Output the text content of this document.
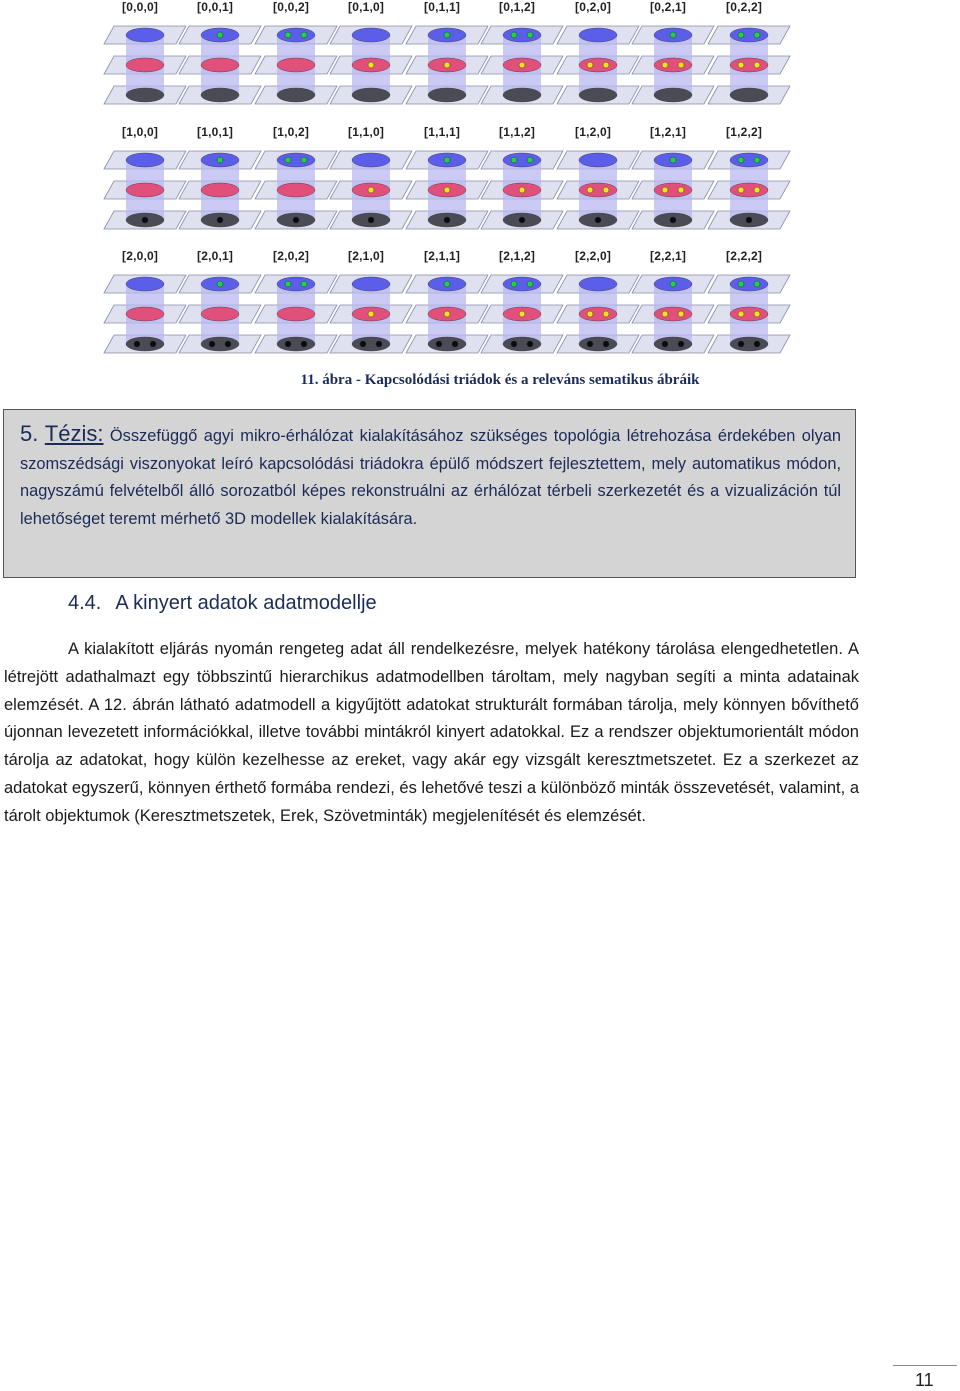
[0,0,0]	[0,0,1]	[0,0,2]	[0,1,0]	[0,1,1]	[0,1,2]	[0,2,0]	[0,2,1]	[0,2,2]
[1,0,0]	[1,0,1]	[1,0,2]	[1,1,0]	[1,1,1]	[1,1,2]	[1,2,0]	[1,2,1]	[1,2,2]
[2,0,0]	[2,0,1]	[2,0,2]	[2,1,0]	[2,1,1]	[2,1,2]	[2,2,0]	[2,2,1]	[2,2,2]
11. ábra - Kapcsolódási triádok és a releváns sematikus ábráik

5. Tézis: Összefüggő agyi mikro-érhálózat kialakításához szükséges topológia létrehozása érdekében olyan szomszédsági viszonyokat leíró kapcsolódási triádokra épülő módszert fejlesztettem, mely automatikus módon, nagyszámú felvételből álló sorozatból képes rekonstruálni az érhálózat térbeli szerkezetét és a vizualizáción túl lehetőséget teremt mérhető 3D modellek kialakítására.

4.4. A kinyert adatok adatmodellje

A kialakított eljárás nyomán rengeteg adat áll rendelkezésre, melyek hatékony tárolása elengedhetetlen. A létrejött adathalmazt egy többszintű hierarchikus adatmodellben tároltam, mely nagyban segíti a minta adatainak elemzését. A 12. ábrán látható adatmodell a kigyűjtött adatokat strukturált formában tárolja, mely könnyen bővíthető újonnan levezetett információkkal, illetve további mintákról kinyert adatokkal. Ez a rendszer objektumorientált módon tárolja az adatokat, hogy külön kezelhesse az ereket, vagy akár egy vizsgált keresztmetszetet. Ez a szerkezet az adatokat egyszerű, könnyen érthető formába rendezi, és lehetővé teszi a különböző minták összevetését, valamint, a tárolt objektumok (Keresztmetszetek, Erek, Szövetminták) megjelenítését és elemzését.

11
